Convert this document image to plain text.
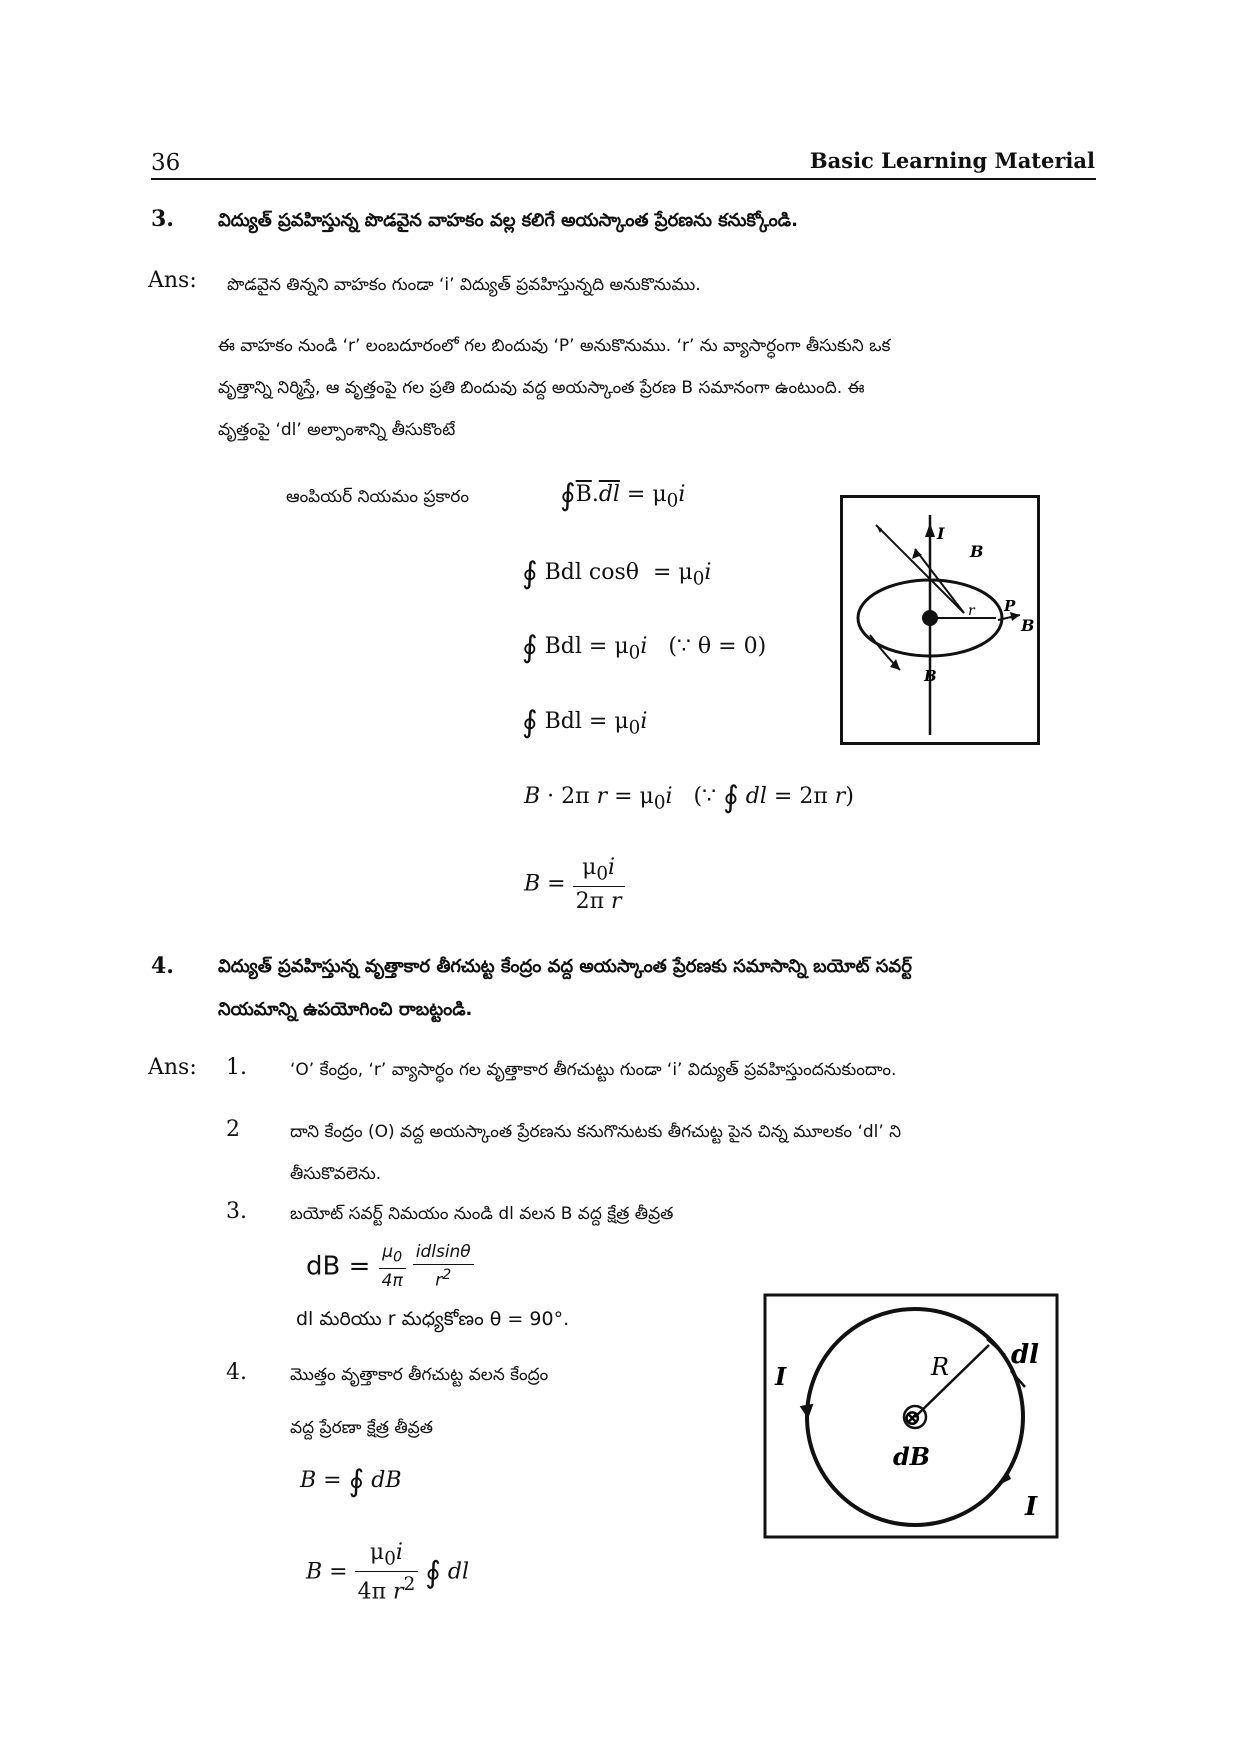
36	Basic Learning Material
3. విద్యుత్ ప్రవహిస్తున్న పొడవైన వాహకం వల్ల కలిగే అయస్కాంత ప్రేరణను కనుక్కోండి.
Ans: పొడవైన తిన్నని వాహకం గుండా ‘i’ విద్యుత్ ప్రవహిస్తున్నది అనుకొనుము.
ఈ వాహకం నుండి ‘r’ లంబదూరంలో గల బిందువు ‘P’ అనుకొనుము. ‘r’ ను వ్యాసార్ధంగా తీసుకుని ఒక
వృత్తాన్ని నిర్మిస్తే, ఆ వృత్తంపై గల ప్రతి బిందువు వద్ద అయస్కాంత ప్రేరణ B సమానంగా ఉంటుంది. ఈ
వృత్తంపై ‘dl’ అల్పాంశాన్ని తీసుకొంటే
ఆంపియర్ నియమం ప్రకారం	$∮\overline{B}.\overline{dl} = \mu_0i$
∮ Bdl $\cos\theta = \mu_0i$
∮ Bdl = $\mu_0i$ (∵ θ = 0)
∮ Bdl = $\mu_0i$
B · 2π $r = \mu_0i$   (∵ ∮ dl = 2π r)
$B = \frac{\mu_0i}{\text{2π r}}$
I
B
r P
B
B
4. విద్యుత్ ప్రవహిస్తున్న వృత్తాకార తీగచుట్ట కేంద్రం వద్ద అయస్కాంత ప్రేరణకు సమాసాన్ని బయోట్ సవర్ట్
నియమాన్ని ఉపయోగించి రాబట్టండి.
Ans: 1.	‘O’ కేంద్రం, ‘r’ వ్యాసార్ధం గల వృత్తాకార తీగచుట్టు గుండా ‘i’ విద్యుత్ ప్రవహిస్తుందనుకుందాం.
2	దాని కేంద్రం (O) వద్ద అయస్కాంత ప్రేరణను కనుగొనుటకు తీగచుట్ట పైన చిన్న మూలకం ‘dl’ ని
తీసుకొవలెను.
3.	బయోట్ సవర్ట్ నిమయం నుండి dl వలన B వద్ద క్షేత్ర తీవ్రత
dB = $\frac{\mu_0}{4\pi}$
$\frac{\text{idlsinθ}}{r^2}$
dl మరియు r మధ్యకోణం θ = 90°.
4.	మొత్తం వృత్తాకార తీగచుట్ట వలన కేంద్రం
వద్ద ప్రేరణా క్షేత్ర తీవ్రత
B = ∮ dB
$B = \frac{\mu_0i}{4\pi r^2}$ ∮ dl
⊗
I	R dl
dB
I
